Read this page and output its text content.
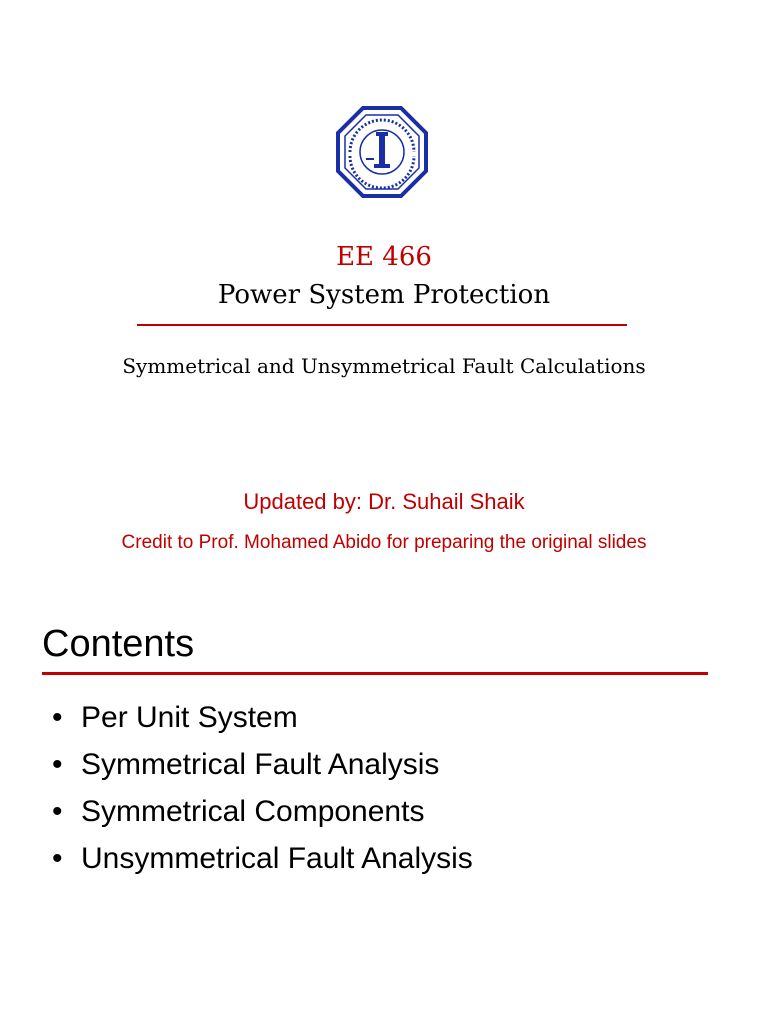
EE 466
Power System Protection
Symmetrical and Unsymmetrical Fault Calculations
Updated by: Dr. Suhail Shaik
Credit to Prof. Mohamed Abido for preparing the original slides
Contents
• Per Unit System
• Symmetrical Fault Analysis
• Symmetrical Components
• Unsymmetrical Fault Analysis
